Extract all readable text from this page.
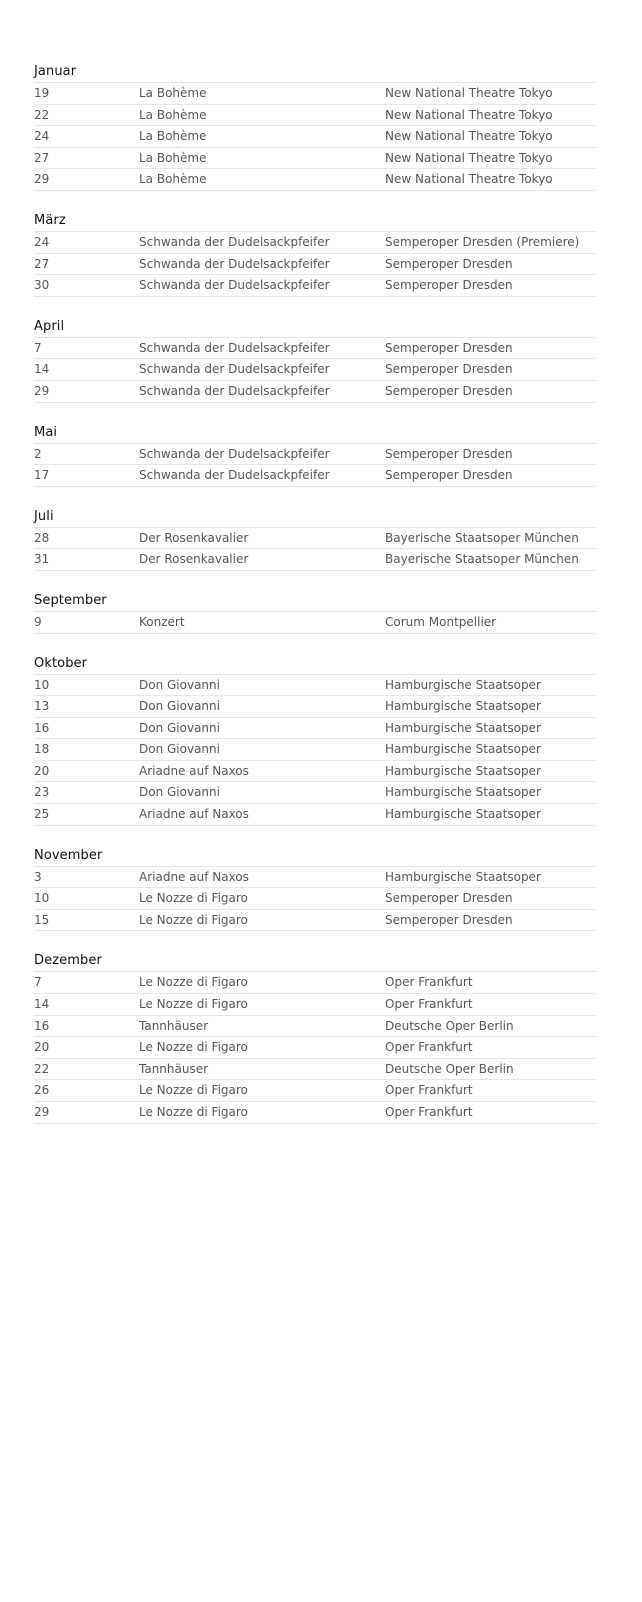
Januar
19	La Bohème	New National Theatre Tokyo
22	La Bohème	New National Theatre Tokyo
24	La Bohème	New National Theatre Tokyo
27	La Bohème	New National Theatre Tokyo
29	La Bohème	New National Theatre Tokyo
März
24	Schwanda der Dudelsackpfeifer	Semperoper Dresden (Premiere)
27	Schwanda der Dudelsackpfeifer	Semperoper Dresden
30	Schwanda der Dudelsackpfeifer	Semperoper Dresden
April
7	Schwanda der Dudelsackpfeifer	Semperoper Dresden
14	Schwanda der Dudelsackpfeifer	Semperoper Dresden
29	Schwanda der Dudelsackpfeifer	Semperoper Dresden
Mai
2	Schwanda der Dudelsackpfeifer	Semperoper Dresden
17	Schwanda der Dudelsackpfeifer	Semperoper Dresden
Juli
28	Der Rosenkavalier	Bayerische Staatsoper München
31	Der Rosenkavalier	Bayerische Staatsoper München
September
9	Konzert	Corum Montpellier
Oktober
10	Don Giovanni	Hamburgische Staatsoper
13	Don Giovanni	Hamburgische Staatsoper
16	Don Giovanni	Hamburgische Staatsoper
18	Don Giovanni	Hamburgische Staatsoper
20	Ariadne auf Naxos	Hamburgische Staatsoper
23	Don Giovanni	Hamburgische Staatsoper
25	Ariadne auf Naxos	Hamburgische Staatsoper
November
3	Ariadne auf Naxos	Hamburgische Staatsoper
10	Le Nozze di Figaro	Semperoper Dresden
15	Le Nozze di Figaro	Semperoper Dresden
Dezember
7	Le Nozze di Figaro	Oper Frankfurt
14	Le Nozze di Figaro	Oper Frankfurt
16	Tannhäuser	Deutsche Oper Berlin
20	Le Nozze di Figaro	Oper Frankfurt
22	Tannhäuser	Deutsche Oper Berlin
26	Le Nozze di Figaro	Oper Frankfurt
29	Le Nozze di Figaro	Oper Frankfurt
